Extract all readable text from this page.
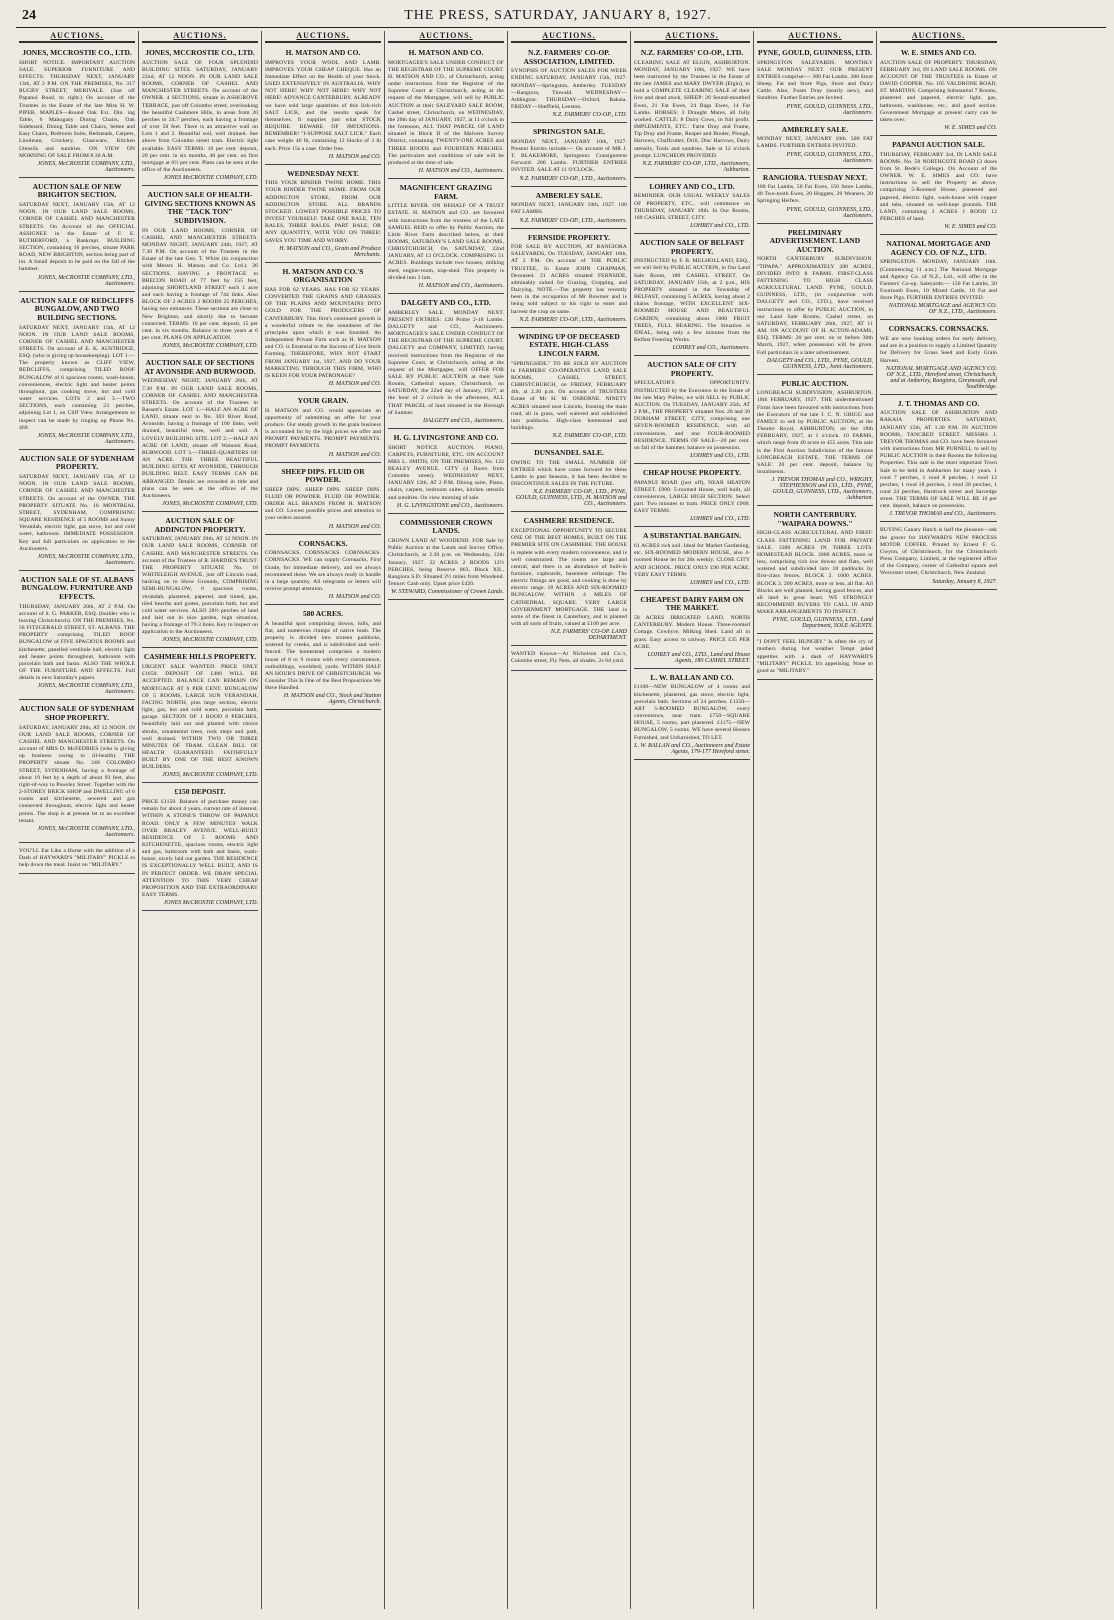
24	THE PRESS, SATURDAY, JANUARY 8, 1927.
AUCTIONS.
JONES, MCCROSTIE CO., LTD.
SHORT NOTICE. IMPORTANT AUCTION SALE. SUPERIOR FURNITURE AND EFFECTS. THURSDAY NEXT, JANUARY 13th, AT 2 P.M. ON THE PREMISES, No. 317 RUGBY STREET, MERIVALE. (Just off Papanui Road, to right.) On account of the Trustees in the Estate of the late Miss H. W. PIPER. MAPLES—Round Oak Ext. Din. ing Table, 6 Mahogany Dining Chairs, Oak Sideboard, Dining Table and Chairs, Settee and Easy Chairs, Bedroom Suite, Bedsteads, Carpets, Linoleum, Crockery, Glassware, Kitchen Utensils and sundries. ON VIEW ON MORNING OF SALE FROM 8.30 A.M.
JONES, McCROSTIE COMPANY, LTD., Auctioneers.
AUCTION SALE OF NEW BRIGHTON SECTION.
SATURDAY NEXT, JANUARY 15th, AT 12 NOON. IN OUR LAND SALE ROOMS, CORNER OF CASHEL AND MANCHESTER STREETS. On Account of the OFFICIAL ASSIGNEE in the Estate of F. E. RUTHERFORD, a Bankrupt. BUILDING SECTION, containing 16 perches, situate PARK ROAD, NEW BRIGHTON, section being part of lot. A Small deposit to be paid on the fall of the hammer.
JONES, McCROSTIE COMPANY, LTD., Auctioneers.
AUCTION SALE OF REDCLIFFS BUNGALOW, AND TWO BUILDING SECTIONS.
SATURDAY NEXT, JANUARY 15th, AT 12 NOON. IN OUR LAND SALE ROOMS, CORNER OF CASHEL AND MANCHESTER STREETS. On account of E. K. AUSTRIDGE, ESQ. (who is giving up housekeeping). LOT 1.—The property known as CLIFF VIEW, REDCLIFFS, comprising TILED ROOF BUNGALOW of 6 spacious rooms, wash-house, conveniences, electric light and heater points throughout, gas cooking stove, hot and cold water services. LOTS 2 and 3.—TWO SECTIONS, each containing 23 perches, adjoining Lot 1, on Cliff View. Arrangements to inspect can be made by ringing up Phone No. 469.
JONES, McCROSTIE COMPANY, LTD., Auctioneers.
AUCTION SALE OF SYDENHAM PROPERTY.
SATURDAY NEXT, JANUARY 15th, AT 12 NOON. IN OUR LAND SALE ROOMS, CORNER OF CASHEL AND MANCHESTER STREETS. On account of the OWNER. THE PROPERTY SITUATE No. 16 MONTREAL STREET, SYDENHAM, COMPRISING SQUARE RESIDENCE of 5 ROOMS and Sunny Verandah, electric light, gas stove, hot and cold water, bathroom. IMMEDIATE POSSESSION. Key and full particulars on application to the Auctioneers.
JONES, McCROSTIE COMPANY, LTD., Auctioneers.
AUCTION SALE OF ST. ALBANS BUNGALOW. FURNITURE AND EFFECTS.
THURSDAY, JANUARY 20th, AT 2 P.M. On account of S. G. PARKER, ESQ. (builder who is leaving Christchurch). ON THE PREMISES, No. 58 FITZGERALD STREET, ST. ALBANS. THE PROPERTY comprising TILED ROOF BUNGALOW of FIVE SPACIOUS ROOMS and kitchenette, panelled vestibule hall, electric light and heater points throughout, bathroom with porcelain bath and basin. ALSO THE WHOLE OF THE FURNITURE AND EFFECTS. Full details in next Saturday's papers.
JONES, McCROSTIE COMPANY, LTD., Auctioneers.
AUCTION SALE OF SYDENHAM SHOP PROPERTY.
SATURDAY, JANUARY 29th, AT 12 NOON. IN OUR LAND SALE ROOMS, CORNER OF CASHEL AND MANCHESTER STREETS. On account of MRS D. McFEDRIES (who is giving up business owing to ill-health). THE PROPERTY situate No. 248 COLOMBO STREET, SYDENHAM, having a frontage of about 19 feet by a depth of about 93 feet, also right-of-way to Pawsley Street. Together with the 2-STOREY BRICK SHOP and DWELLING of 6 rooms and kitchenette, sewered and gas connected throughout, electric light and heater points. The shop is at present let to an excellent tenant.
JONES, McCROSTIE COMPANY, LTD., Auctioneers.
YOU'LL Eat Like a Horse with the addition of a Dash of HAYWARD'S "MILITARY" PICKLE to help down the meal. Insist on "MILITARY."
AUCTIONS.
JONES, MCCROSTIE CO., LTD.
AUCTION SALE OF FOUR SPLENDID BUILDING SITES. SATURDAY, JANUARY 22nd, AT 12 NOON. IN OUR LAND SALE ROOMS, CORNER OF CASHEL AND MANCHESTER STREETS. On account of the OWNER. 4 SECTIONS, situate in ASHGROVE TERRACE, just off Colombo street, overlooking the beautiful Cashmere Hills, in areas from 20 perches to 24.7 perches, each having a frontage of over 50 feet. There is an attractive wall on Lots 1 and 2. Beautiful soil, well drained. See above from Colombo street tram. Electric light available. EASY TERMS: 10 per cent. deposit, 20 per cent. in six months, 40 per cent. on first mortgage at 6½ per cent. Plans can be seen at the office of the Auctioneers.
JONES McCROSTIE COMPANY, LTD.
AUCTION SALE OF HEALTH-GIVING SECTIONS KNOWN AS THE "TACK TON" SUBDIVISION.
IN OUR LAND ROOMS, CORNER OF CASHEL AND MANCHESTER STREETS. MONDAY NIGHT, JANUARY 24th, 1927, AT 7.30 P.M. On account of the Trustees in the Estate of the late Geo. T. White (in conjunction with Messrs H. Matson and Co. Ltd.). 26 SECTIONS, HAVING a FRONTAGE to BRECON ROAD of 77 feet by 155 feet, adjoining SHORTLAND STREET each 1 acre and each having a frontage of 744 links. Also BLOCK OF 2 ACRES 2 ROODS 25 PERCHES, having two entrances. These sections are close to New Brighton, and shortly due to become connected. TERMS: 10 per cent. deposit, 15 per cent. in six months. Balance in three years at 6 per cent. PLANS ON APPLICATION.
JONES, McCROSTIE COMPANY, LTD.
AUCTION SALE OF SECTIONS AT AVONSIDE AND BURWOOD.
WEDNESDAY NIGHT, JANUARY 26th, AT 7.30 P.M. IN OUR LAND SALE ROOMS, CORNER OF CASHEL AND MANCHESTER STREETS. On account of the Trustees in Bassett's Estate. LOT 1.—HALF AN ACRE OF LAND, situate next to No. 303 River Road, Avonside, having a frontage of 100 links, well drained, beautiful trees, well and soil. A LOVELY BUILDING SITE. LOT 2.—HALF AN ACRE OF LAND, situate off Wainoni Road, BURWOOD. LOT 3.—THREE-QUARTERS OF AN ACRE. THE THREE BEAUTIFUL BUILDING SITES AT AVONSIDE, THROUGH BUILDING BELT. EASY TERMS CAN BE ARRANGED. Details are recorded in title and plans can be seen at the offices of the Auctioneers.
JONES, McCROSTIE COMPANY, LTD.
AUCTION SALE OF ADDINGTON PROPERTY.
SATURDAY, JANUARY 29th, AT 12 NOON. IN OUR LAND SALE ROOMS, CORNER OF CASHEL AND MANCHESTER STREETS. On account of the Trustees of R. HARDIE'S TRUST. THE PROPERTY SITUATE No. 18 WHITELEIGH AVENUE, just off Lincoln road, backing on to Show Grounds, COMPRISING SEMI-BUNGALOW, 6 spacious rooms, verandah, plastered, papered, and tinted, gas, tiled hearths and grates, porcelain bath, hot and cold water services. ALSO 28½ perches of land and laid out in nice garden, high situation, having a frontage of 79.3 links. Key to inspect on application to the Auctioneers.
JONES, McCROSTIE COMPANY, LTD.
CASHMERE HILLS PROPERTY.
URGENT SALE WANTED. PRICE ONLY £1650. DEPOSIT OF £400 WILL BE ACCEPTED. BALANCE CAN REMAIN ON MORTGAGE AT 6 PER CENT. BUNGALOW OF 5 ROOMS, LARGE SUN VERANDAH, FACING NORTH, plus large section, electric light, gas, hot and cold water, porcelain bath, garage. SECTION OF 1 ROOD 8 PERCHES, beautifully laid out and planted with choice shrubs, ornamental trees, rock steps and path, well drained. WITHIN TWO OR THREE MINUTES OF TRAM. CLEAN BILL OF HEALTH GUARANTEED. FAITHFULLY BUILT BY ONE OF THE BEST KNOWN BUILDERS.
JONES, McCROSTIE COMPANY, LTD.
£150 DEPOSIT.
PRICE £1150. Balance of purchase money can remain for about 4 years, current rate of interest. WITHIN A STONE'S THROW OF PAPANUI ROAD. ONLY A FEW MINUTES' WALK OVER BRALEY AVENUE. WELL-BUILT RESIDENCE OF 5 ROOMS AND KITCHENETTE, spacious rooms, electric light and gas, bathroom with bath and basin, wash-house, nicely laid out garden. THE RESIDENCE IS EXCEPTIONALLY WELL BUILT, AND IS IN PERFECT ORDER. WE DRAW SPECIAL ATTENTION TO THIS VERY CHEAP PROPOSITION AND THE EXTRAORDINARY EASY TERMS.
JONES McCROSTIE COMPANY, LTD.
AUCTIONS.
H. MATSON AND CO.
IMPROVES YOUR WOOL AND LAMB. IMPROVES YOUR CHEAP CHEQUE. Has an Immediate Effect on the Health of your Stock. USED EXTENSIVELY IN AUSTRALIA. WHY NOT HERE! WHY NOT HERE! WHY NOT HERE! ADVANCE CANTERBURY. ALREADY we have sold large quantities of this lick-rich SALT LICK, and the results speak for themselves. It supplies just what STOCK REQUIRE. BEWARE OF IMITATIONS. REMEMBER! "I-SUPPOSE SALT LICK." Each case weighs 40 lb, containing 12 blocks of 3 lb each. Price 15s a case. Order free.
H. MATSON and CO.
WEDNESDAY NEXT.
THIS YOUR BINDER TWINE HOME. THIS YOUR BINDER TWINE HOME. FROM OUR ADDINGTON STORE, FROM OUR ADDINGTON STORE. ALL BRANDS STOCKED. LOWEST POSSIBLE PRICES TO INVEST YOURSELF. TAKE ONE BALE, TEN BALES, THREE BALES. PART BALE, OR ANY QUANTITY, WITH YOU ON THREE! SAVES YOU TIME AND WORRY.
H. MATSON and CO., Grain and Produce Merchants.
H. MATSON AND CO.'S ORGANISATION
HAS FOR 62 YEARS. HAS FOR 62 YEARS. CONVERTED THE GRAINS AND GRASSES OF THE PLAINS AND MOUNTAINS INTO GOLD FOR THE PRODUCERS OF CANTERBURY. This firm's continued growth is a wonderful tribute to the soundness of the principles upon which it was founded. An Independent Private Firm such as H. MATSON and CO. is Essential to the Success of Live Stock Farming. THEREFORE, WHY NOT START FROM JANUARY 1st, 1927, AND DO YOUR MARKETING THROUGH THIS FIRM, WHO IS KEEN FOR YOUR PATRONAGE?
H. MATSON and CO.
YOUR GRAIN.
H. MATSON and CO. would appreciate an opportunity of submitting an offer for your produce. Our steady growth in the grain business is accounted for by the high prices we offer and PROMPT PAYMENTS. PROMPT PAYMENTS. PROMPT PAYMENTS.
H. MATSON and CO.
SHEEP DIPS. FLUID OR POWDER.
SHEEP DIPS. SHEEP DIPS. SHEEP DIPS. FLUID OR POWDER. FLUID OR POWDER. ORDER ALL BRANDS FROM H. MATSON and CO. Lowest possible prices and attention to your orders assured.
H. MATSON and CO.
CORNSACKS.
CORNSACKS. CORNSACKS. CORNSACKS. CORNSACKS. WE can supply Cornsacks, First Grade, for immediate delivery, and we always recommend these. We are always ready to handle in a large quantity. All telegrams or letters will receive prompt attention.
H. MATSON and CO.
580 ACRES.
A beautiful spot comprising downs, hills, and flat, and numerous clumps of native bush. The property is divided into sixteen paddocks, watered by creeks, and is subdivided and well-fenced. The homestead comprises a modern house of 8 or 9 rooms with every convenience, outbuildings, woolshed, yards. WITHIN HALF AN HOUR'S DRIVE OF CHRISTCHURCH. We Consider This Is One of the Best Propositions We Have Handled.
H. MATSON and CO., Stock and Station Agents, Christchurch.
AUCTIONS.
H. MATSON AND CO.
MORTGAGEE'S SALE UNDER CONDUCT OF THE REGISTRAR OF THE SUPREME COURT. H. MATSON AND CO., of Christchurch, acting under instructions from the Registrar of the Supreme Court at Christchurch, acting at the request of the Mortgagee, will sell by PUBLIC AUCTION at their SALEYARD SALE ROOM, Cashel street, Christchurch, on WEDNESDAY, the 26th day of JANUARY, 1927, at 11 o'clock in the forenoon, ALL THAT PARCEL OF LAND situated in Block II of the Malvern Survey District, containing TWENTY-ONE ACRES and THREE ROODS and FOURTEEN PERCHES. The particulars and conditions of sale will be produced at the time of sale.
H. MATSON and CO., Auctioneers.
MAGNIFICENT GRAZING FARM.
LITTLE RIVER. ON BEHALF OF A TRUST ESTATE. H. MATSON and CO. are favoured with instructions from the trustees of the LATE SAMUEL REID to offer by Public Auction, the Little River Farm described below, at their ROOMS, SATURDAY'S LAND SALE ROOMS, CHRISTCHURCH, On SATURDAY, 22nd JANUARY, AT 12 O'CLOCK. COMPRISING 51 ACRES. Buildings include two houses, milking shed, engine-room, trap-shed. This property is divided into 3 lots.
H. MATSON and CO., Auctioneers.
DALGETY AND CO., LTD.
AMBERLEY SALE. MONDAY NEXT. PRESENT ENTRIES: 120 Prime 2-18 Lambs. DALGETY and CO., Auctioneers. MORTGAGEE'S SALE UNDER CONDUCT OF THE REGISTRAR OF THE SUPREME COURT. DALGETY and COMPANY, LIMITED, having received instructions from the Registrar of the Supreme Court, at Christchurch, acting at the request of the Mortgagee, will OFFER FOR SALE BY PUBLIC AUCTION at their Sale Rooms, Cathedral square, Christchurch, on SATURDAY, the 22nd day of January, 1927, at the hour of 2 o'clock in the afternoon, ALL THAT PARCEL of land situated in the Borough of Sumner.
DALGETY and CO., Auctioneers.
H. G. LIVINGSTONE AND CO.
SHORT NOTICE AUCTION. PIANO, CARPETS, FURNITURE, ETC. ON ACCOUNT MRS L. SMITH, ON THE PREMISES, No. 122 BEALEY AVENUE, CITY (4 Doors from Colombo street), WEDNESDAY NEXT, JANUARY 12th, AT 2 P.M. Dining suite, Piano, chairs, carpets, bedroom suites, kitchen utensils and sundries. On view morning of sale.
H. G. LIVINGSTONE and CO., Auctioneers.
COMMISSIONER CROWN LANDS.
CROWN LAND AT WOODEND. FOR Sale by Public Auction at the Lands and Survey Office, Christchurch, at 2.30 p.m. on Wednesday, 12th January, 1927. 32 ACRES 2 ROODS 12½ PERCHES, being Reserve 863, Block XII., Rangiora S.D. Situated 2½ miles from Woodend. Tenure: Cash only. Upset price £420.
W. STEWARD, Commissioner of Crown Lands.
AUCTIONS.
N.Z. FARMERS' CO-OP. ASSOCIATION, LIMITED.
SYNOPSIS OF AUCTION SALES FOR WEEK ENDING SATURDAY, JANUARY 15th, 1927. MONDAY—Springston, Amberley. TUESDAY—Rangiora, Tinwald. WEDNESDAY—Addington. THURSDAY—Oxford, Rakaia. FRIDAY—Sheffield, Leeston.
N.Z. FARMERS' CO-OP., LTD.
SPRINGSTON SALE.
MONDAY NEXT, JANUARY 10th, 1927. Present Entries include:— On account of MR J. T. BLAKEMORE, Springston: Consignment Forward: 200 Lambs. FURTHER ENTRIES INVITED. SALE AT 11 O'CLOCK.
N.Z. FARMERS' CO-OP., LTD., Auctioneers.
AMBERLEY SALE.
MONDAY NEXT, JANUARY 10th, 1927. 100 FAT LAMBS.
N.Z. FARMERS' CO-OP., LTD., Auctioneers.
FERNSIDE PROPERTY.
FOR SALE BY AUCTION, AT RANGIORA SALEYARDS, On TUESDAY, JANUARY 18th, AT 2 P.M. On account of THE PUBLIC TRUSTEE, In Estate JOHN CHAPMAN, Deceased. 21 ACRES situated FERNSIDE, adminably suited for Grazing, Cropping, and Dairying. NOTE.—The property has recently been in the occupation of Mr Bowmer and is being sold subject to his right to enter and harvest the crop on same.
N.Z. FARMERS' CO-OP., LTD., Auctioneers.
WINDING UP OF DECEASED ESTATE. HIGH-CLASS LINCOLN FARM.
"SPRINGSIDE." TO BE SOLD BY AUCTION in FARMERS' CO-OPERATIVE LAND SALE ROOMS, CASHEL STREET, CHRISTCHURCH, on FRIDAY, FEBRUARY 4th, at 2.30 p.m. On account of TRUSTEES Estate of Mr H. M. OSBORNE. NINETY ACRES situated near Lincoln, fronting the main road, all in grass, well watered and subdivided into paddocks. High-class homestead and buildings.
N.Z. FARMERS' CO-OP., LTD.
DUNSANDEL SALE.
OWING TO THE SMALL NUMBER OF ENTRIES which have come forward for these Lambs in past Seasons, it has been decided to DISCONTINUE SALES IN THE FUTURE.
N.Z. FARMERS' CO-OP., LTD., PYNE, GOULD, GUINNESS, LTD., H. MATSON and CO., Auctioneers.
CASHMERE RESIDENCE.
EXCEPTIONAL OPPORTUNITY TO SECURE ONE OF THE BEST HOMES, BUILT ON THE PREMIER SITE ON CASHMERE. THE HOUSE is replete with every modern convenience, and is well constructed. The rooms are large and central, and there is an abundance of built-in furniture, cupboards, basement cellarage. The electric fittings are good, and cooking is done by electric range. 18 ACRES AND SIX-ROOMED BUNGALOW. WITHIN 4 MILES OF CATHEDRAL SQUARE. VERY LARGE GOVERNMENT MORTGAGE. THE land is some of the finest in Canterbury, and is planted with all sorts of fruits, valued at £100 per acre.
N.Z. FARMERS' CO-OP. LAND DEPARTMENT.
WANTED Known—At Nicholson and Co.'s, Colombo street, Fly Nets, all shades, 2s 6d yard.
AUCTIONS.
N.Z. FARMERS' CO-OP., LTD.
CLEARING SALE AT ELGIN, ASHBURTON. MONDAY, JANUARY 10th, 1927. WE have been instructed by the Trustees in the Estate of the late JAMES and MARY DWYER (Elgin), to hold a COMPLETE CLEARING SALE of their live and dead stock. SHEEP: 26 Sound-mouthed Ewes, 21 Fat Ewes, 24 Bags Ewes, 14 Fat Lambs. HORSES: 3 Draught Mares, all fully worked. CATTLE: 8 Dairy Cows, in full profit. IMPLEMENTS, ETC.: Farm Dray and Frame, Tip Dray and Frame, Reaper and Binder, Plough, Harrows, Chaffcutter, Drill, Disc Harrows, Dairy utensils, Tools and sundries. Sale at 12 o'clock prompt. LUNCHEON PROVIDED.
N.Z. FARMERS' CO-OP., LTD., Auctioneers, Ashburton.
LOHREY AND CO., LTD.
REMINDER. OUR USUAL WEEKLY SALES OF PROPERTY, ETC., will commence on THURSDAY, JANUARY 18th. In Our Rooms, 180 CASHEL STREET, CITY.
LOHREY and CO., LTD.
AUCTION SALE OF BELFAST PROPERTY.
INSTRUCTED by F. B. MULHOLLAND, ESQ., we will Sell by PUBLIC AUCTION, in Our Land Sale Room, 180 CASHEL STREET, On SATURDAY, JANUARY 15th, at 2 p.m., HIS PROPERTY situated in the Township of BELFAST, containing 5 ACRES, having about 2 chains frontage, WITH EXCELLENT SIX-ROOMED HOUSE AND BEAUTIFUL GARDEN, containing about 1000 FRUIT TREES, FULL BEARING. The Situation is IDEAL, being only a few minutes from the Belfast Freezing Works.
LOHREY and CO., Auctioneers.
AUCTION SALE OF CITY PROPERTY.
SPECULATOR'S OPPORTUNITY. INSTRUCTED by the Executors in the Estate of the late Mary Pullen, we will SELL by PUBLIC AUCTION. On TUESDAY, JANUARY 25th, AT 2 P.M., THE PROPERTY situated Nos. 28 and 30 DURHAM STREET, CITY, comprising one SEVEN-ROOMED RESIDENCE, with all conveniences, and one FOUR-ROOMED RESIDENCE. TERMS OF SALE—20 per cent. on fall of the hammer, balance on possession.
LOHREY and CO., LTD.
CHEAP HOUSE PROPERTY.
PAPANUI ROAD (just off), NEAR HEATON STREET. £900. 5-roomed House, well built, all conveniences, LARGE HIGH SECTION. Select part. Two minutes to tram. PRICE ONLY £900. EASY TERMS.
LOHREY and CO., LTD.
A SUBSTANTIAL BARGAIN.
61 ACRES rich soil. Ideal for Market Gardening, etc. SIX-ROOMED MODERN HOUSE, also 4-roomed House let for 20s weekly. CLOSE CITY AND SCHOOL. PRICE ONLY £90 PER ACRE. VERY EASY TERMS.
LOHREY and CO., LTD.
CHEAPEST DAIRY FARM ON THE MARKET.
58 ACRES IRRIGATED LAND, NORTH CANTERBURY. Modern House. Three-roomed Cottage. Cowbyre, Milking Shed. Land all in grass. Easy access to railway. PRICE £35 PER ACRE.
LOHREY and CO., LTD., Land and House Agents, 180 CASHEL STREET.
L. W. BALLAN AND CO.
£1100—NEW BUNGALOW of 4 rooms and kitchenette, plastered, gas stove, electric light, porcelain bath. Sections of 24 perches. £1350—ART 5-ROOMED BUNGALOW, every convenience, near tram. £750—SQUARE HOUSE, 5 rooms, part plastered. £1175—NEW BUNGALOW, 5 rooms. WE have several Houses Furnished, and Unfurnished, TO LET.
L. W. BALLAN and CO., Auctioneers and Estate Agents, 179-177 Hereford street.
AUCTIONS.
PYNE, GOULD, GUINNESS, LTD.
SPRINGSTON SALEYARDS. MONTHLY SALE MONDAY NEXT. OUR PRESENT ENTRIES comprise:— 300 Fat Lambs, 300 Store Sheep, Fat and Store Pigs, Store and Dairy Cattle. Also, Foam Dray (nearly new), and Sundries. Further Entries are Invited.
PYNE, GOULD, GUINNESS, LTD., Auctioneers.
AMBERLEY SALE.
MONDAY NEXT, JANUARY 10th. 500 FAT LAMBS. FURTHER ENTRIES INVITED.
PYNE, GOULD, GUINNESS, LTD., Auctioneers.
RANGIORA. TUESDAY NEXT.
100 Fat Lambs, 50 Fat Ewes, 150 Store Lambs, 40 Two-tooth Ewes, 20 Hoggets, 20 Weaners, 20 Springing Heifers.
PYNE, GOULD, GUINNESS, LTD., Auctioneers.
PRELIMINARY ADVERTISEMENT. LAND AUCTION.
NORTH CANTERBURY SUBDIVISION. "TIPAPA." APPROXIMATELY 200 ACRES, DIVIDED INTO 8 FARMS. FIRST-CLASS FATTENING TO HIGH CLASS AGRICULTURAL LAND. PYNE, GOULD, GUINNESS, LTD., (in conjunction with DALGETY and CO., LTD.), have received instructions to offer by PUBLIC AUCTION, in our Land Sale Rooms, Cashel street, on SATURDAY, FEBRUARY 26th, 1927, AT 11 AM. ON ACCOUNT OF H. ACTON-ADAMS, ESQ. TERMS: 20 per cent. on or before 30th March, 1927, when possession will be given. Full particulars in a later advertisement.
DALGETY and CO., LTD., PYNE, GOULD, GUINNESS, LTD., Joint Auctioneers.
PUBLIC AUCTION.
LONGBEACH SUBDIVISION, ASHBURTON. 18th FEBRUARY, 1927. THE undermentioned Firms have been favoured with instructions from the Executors of the late J. C. N. GRIGG and FAMILY to sell by PUBLIC AUCTION, at the Theatre Royal, ASHBURTON, on the 18th FEBRUARY, 1927, at 1 o'clock. 10 FARMS, which range from 40 acres to 455 acres. This sale is the First Auction Subdivision of the famous LONGBEACH ESTATE. THE TERMS OF SALE: 20 per cent. deposit, balance by instalments.
J. TREVOR THOMAS and CO., WRIGHT, STEPHENSON and CO., LTD., PYNE, GOULD, GUINNESS, LTD., Auctioneers, Ashburton.
NORTH CANTERBURY. "WAIPARA DOWNS."
HIGH-CLASS AGRICULTURAL AND FIRST-CLASS FATTENING LAND FOR PRIVATE SALE. 3300 ACRES IN THREE LOTS. HOMESTEAD BLOCK. 2000 ACRES, more or less, comprising rich low downs and flats, well watered and subdivided into 18 paddocks by first-class fences. BLOCK 2. 1000 ACRES. BLOCK 3. 200 ACRES, more or less, all flat. All Blocks are well planted, having good fences, and all land in great heart. WE STRONGLY RECOMMEND BUYERS TO CALL IN AND MAKE ARRANGEMENTS TO INSPECT.
PYNE, GOULD, GUINNESS, LTD., Land Department, SOLE AGENTS.
"I DON'T FEEL HUNGRY." Is often the cry of mothers during hot weather. Tempt jaded appetites with a dash of HAYWARD'S "MILITARY" PICKLE. It's appetising. None so good as "MILITARY."
AUCTIONS.
W. E. SIMES AND CO.
AUCTION SALE OF PROPERTY. THURSDAY, FEBRUARY 3rd, IN LAND SALE ROOMS. ON ACCOUNT OF THE TRUSTEES in Estate of DAVID COOPER. No. 105 VALDRONE ROAD, ST. MARTINS. Comprising Substantial 7 Rooms, plastered and papered, electric light, gas, bathroom, washhouse, etc., and good section. Government Mortgage at present carry can be taken over.
W. E. SIMES and CO.
PAPANUI AUCTION SALE.
THURSDAY, FEBRUARY 3rd, IN LAND SALE ROOMS. No. 58 NORTHCOTE ROAD (3 doors from St. Bede's College). On Account of the OWNER. W. E. SIMES and CO. have instructions to sell the Property as above, comprising 5-Roomed House, plastered and papered, electric light, wash-house with copper and tubs, situated on well-kept grounds. THE LAND, containing 3 ACRES 1 ROOD 12 PERCHES of land.
W. E. SIMES and CO.
NATIONAL MORTGAGE AND AGENCY CO. OF N.Z., LTD.
SPRINGSTON. MONDAY, JANUARY 10th. (Commencing 11 a.m.) The National Mortgage and Agency Co. of N.Z., Ltd., will offer in the Farmers' Co-op. Saleyards:— 150 Fat Lambs, 20 Fourtooth Ewes, 10 Mixed Cattle, 10 Fat and Store Pigs. FURTHER ENTRIES INVITED.
NATIONAL MORTGAGE and AGENCY CO. OF N.Z., LTD., Auctioneers.
CORNSACKS. CORNSACKS.
WE are now booking orders for early delivery, and are in a position to supply a Limited Quantity for Delivery for Grass Seed and Early Grain Harvest.
NATIONAL MORTGAGE AND AGENCY CO. OF N.Z., LTD., Hereford street, Christchurch, and at Amberley, Rangiora, Greymouth, and Southbridge.
J. T. THOMAS AND CO.
AUCTION SALE OF ASHBURTON AND RAKAIA PROPERTIES. SATURDAY, JANUARY 15th, AT 1.30 P.M. IN AUCTION ROOMS, TANCRED STREET. MESSRS J. TREVOR THOMAS and CO. have been favoured with instructions from MR PURNELL to sell by PUBLIC AUCTION in their Rooms the following Properties. This sale is the most important Town Sale to be held in Ashburton for many years. 1 rood 7 perches, 1 rood 8 perches, 1 rood 12 perches, 1 rood 18 perches, 1 rood 20 perches, 1 rood 24 perches, Hardcock street and Sarcedge street. THE TERMS OF SALE WILL BE 10 per cent. deposit, balance on possession.
J. TREVOR THOMAS and CO., Auctioneers.
BUYING Canary Hatch is half the pleasure—ask the grocer for HAYWARD'S NEW PROCESS MOTOR COFFEE. Printed by Ernest F. G. Gwynn, of Christchurch, for the Christchurch Press Company, Limited, at the registered office of the Company, corner of Cathedral square and Worcester street, Christchurch, New Zealand.
Saturday, January 8, 1927.
